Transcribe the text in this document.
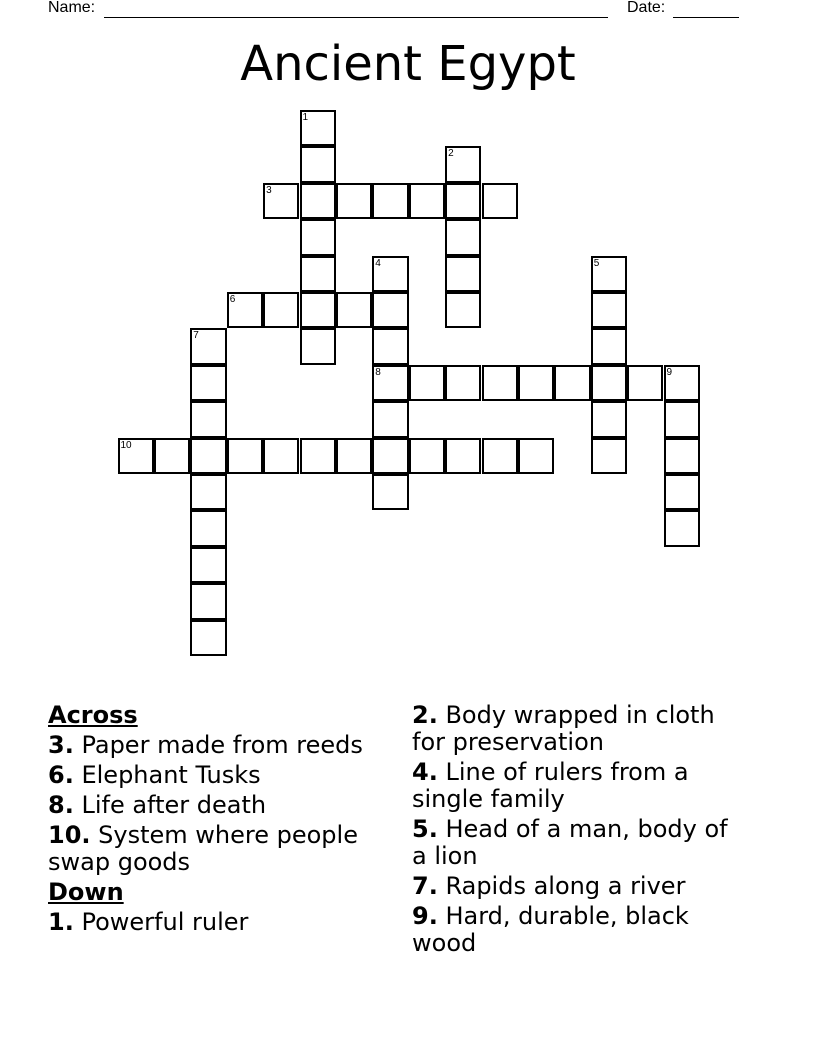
Name:	Date:
Ancient Egypt
1
2
3
4	5
6
7
8	9
10
Across
3. Paper made from reeds
6. Elephant Tusks
8. Life after death
10. System where people swap goods
Down
1. Powerful ruler
2. Body wrapped in cloth for preservation
4. Line of rulers from a single family
5. Head of a man, body of a lion
7. Rapids along a river
9. Hard, durable, black wood
